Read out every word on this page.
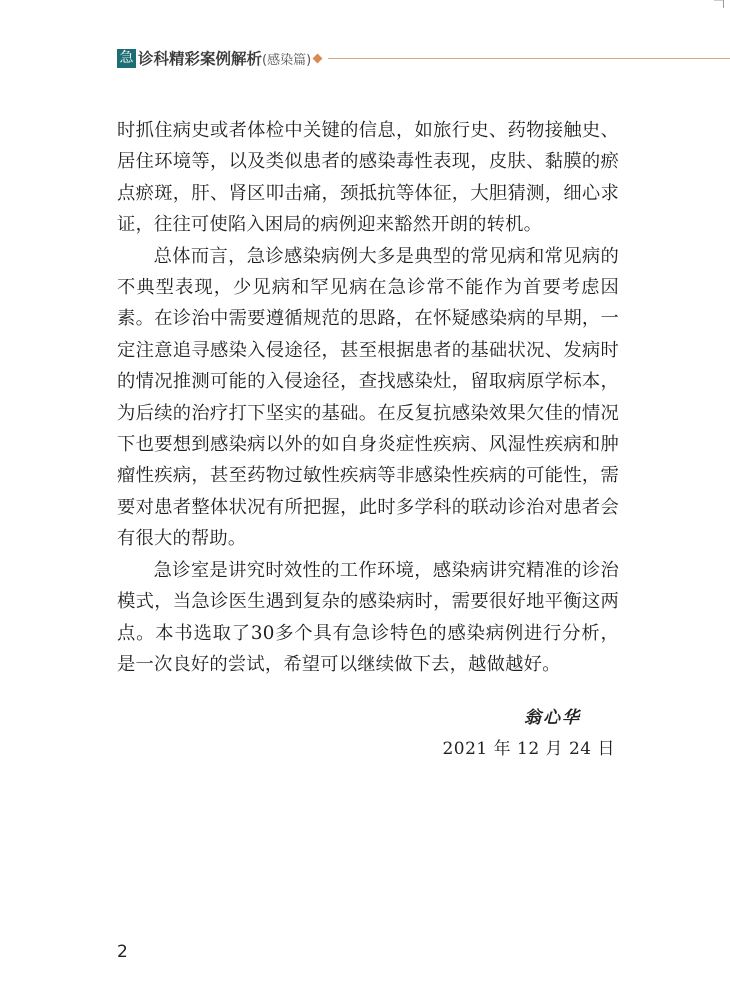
急 诊科精彩案例解析(感染篇)

时抓住病史或者体检中关键的信息，如旅行史、药物接触史、居住环境等，以及类似患者的感染毒性表现，皮肤、黏膜的瘀点瘀斑，肝、肾区叩击痛，颈抵抗等体征，大胆猜测，细心求证，往往可使陷入困局的病例迎来豁然开朗的转机。

总体而言，急诊感染病例大多是典型的常见病和常见病的不典型表现，少见病和罕见病在急诊常不能作为首要考虑因素。在诊治中需要遵循规范的思路，在怀疑感染病的早期，一定注意追寻感染入侵途径，甚至根据患者的基础状况、发病时的情况推测可能的入侵途径，查找感染灶，留取病原学标本，为后续的治疗打下坚实的基础。在反复抗感染效果欠佳的情况下也要想到感染病以外的如自身炎症性疾病、风湿性疾病和肿瘤性疾病，甚至药物过敏性疾病等非感染性疾病的可能性，需要对患者整体状况有所把握，此时多学科的联动诊治对患者会有很大的帮助。

急诊室是讲究时效性的工作环境，感染病讲究精准的诊治模式，当急诊医生遇到复杂的感染病时，需要很好地平衡这两点。本书选取了30多个具有急诊特色的感染病例进行分析，是一次良好的尝试，希望可以继续做下去，越做越好。

翁心华
2021 年 12 月 24 日
2
